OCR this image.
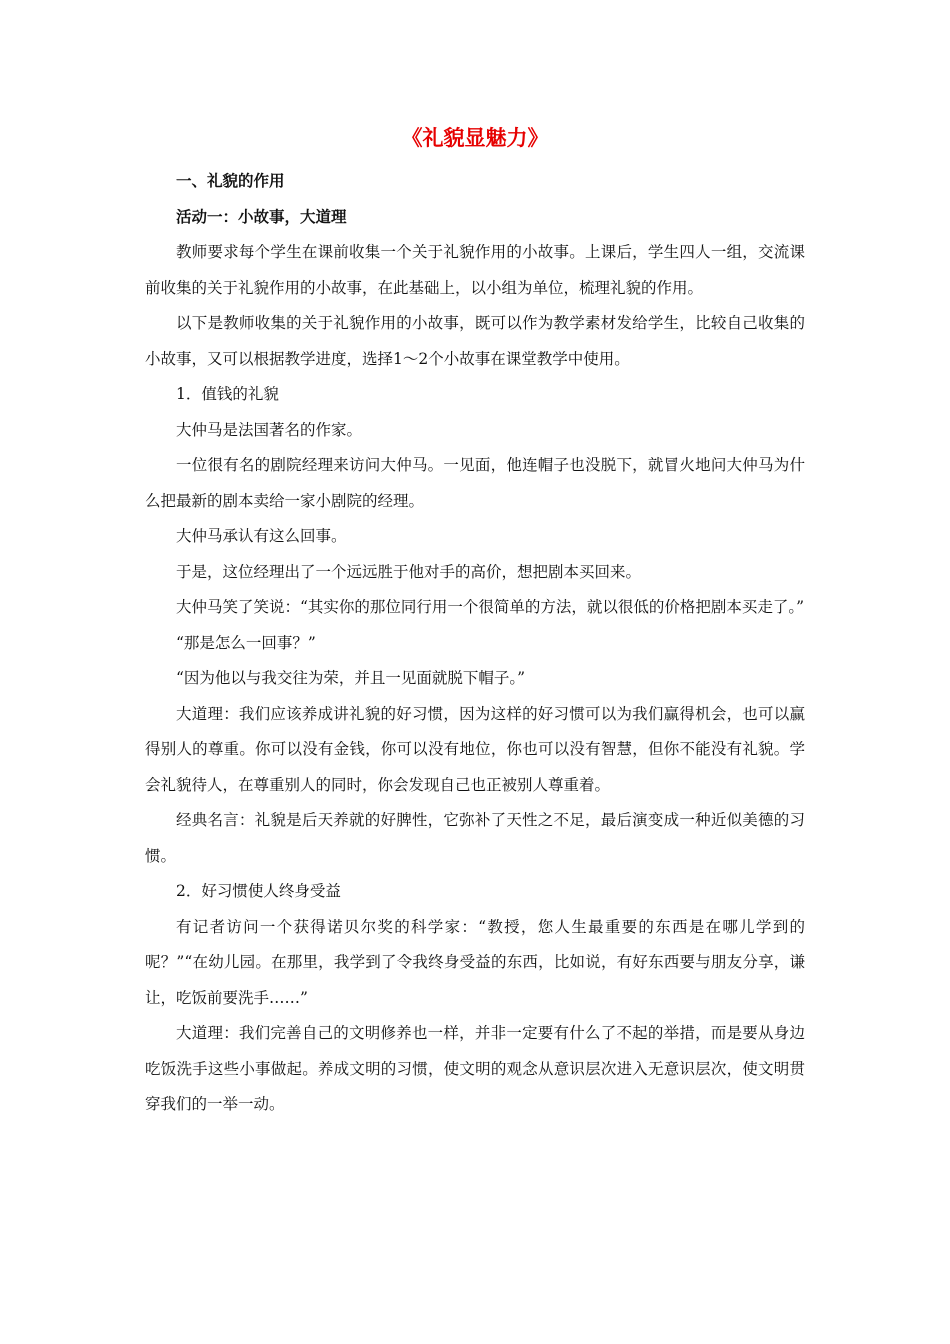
《礼貌显魅力》

一、礼貌的作用

活动一：小故事，大道理

教师要求每个学生在课前收集一个关于礼貌作用的小故事。上课后，学生四人一组，交流课前收集的关于礼貌作用的小故事，在此基础上，以小组为单位，梳理礼貌的作用。

以下是教师收集的关于礼貌作用的小故事，既可以作为教学素材发给学生，比较自己收集的小故事，又可以根据教学进度，选择1～2个小故事在课堂教学中使用。

1．值钱的礼貌

大仲马是法国著名的作家。

一位很有名的剧院经理来访问大仲马。一见面，他连帽子也没脱下，就冒火地问大仲马为什么把最新的剧本卖给一家小剧院的经理。

大仲马承认有这么回事。

于是，这位经理出了一个远远胜于他对手的高价，想把剧本买回来。

大仲马笑了笑说：“其实你的那位同行用一个很简单的方法，就以很低的价格把剧本买走了。”

“那是怎么一回事？”

“因为他以与我交往为荣，并且一见面就脱下帽子。”

大道理：我们应该养成讲礼貌的好习惯，因为这样的好习惯可以为我们赢得机会，也可以赢得别人的尊重。你可以没有金钱，你可以没有地位，你也可以没有智慧，但你不能没有礼貌。学会礼貌待人，在尊重别人的同时，你会发现自己也正被别人尊重着。

经典名言：礼貌是后天养就的好脾性，它弥补了天性之不足，最后演变成一种近似美德的习惯。

2．好习惯使人终身受益

有记者访问一个获得诺贝尔奖的科学家：“教授，您人生最重要的东西是在哪儿学到的呢？”“在幼儿园。在那里，我学到了令我终身受益的东西，比如说，有好东西要与朋友分享，谦让，吃饭前要洗手……”

大道理：我们完善自己的文明修养也一样，并非一定要有什么了不起的举措，而是要从身边吃饭洗手这些小事做起。养成文明的习惯，使文明的观念从意识层次进入无意识层次，使文明贯穿我们的一举一动。
